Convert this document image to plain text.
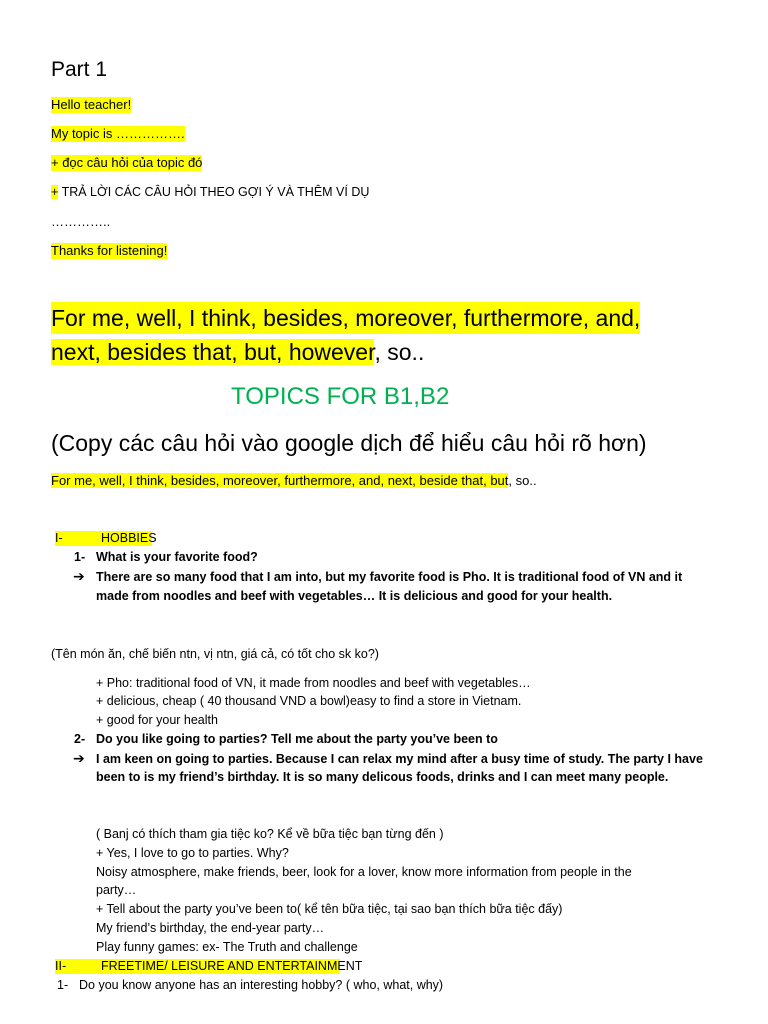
Part 1
Hello teacher!
My topic is …………….
+ đọc câu hỏi của topic đó
+ TRẢ LỜI CÁC CÂU HỎI THEO GỢI Ý VÀ THÊM VÍ DỤ
…………..
Thanks for listening!
For me, well, I think, besides, moreover, furthermore, and,
next, besides that, but, however, so..
TOPICS FOR B1,B2
(Copy các câu hỏi vào google dịch để hiểu câu hỏi rõ hơn)
For me, well, I think, besides, moreover, furthermore, and, next, beside that, but, so..
I-	HOBBIES
1- What is your favorite food?
➔ There are so many food that I am into, but my favorite food is Pho. It is traditional food of VN and it
made from noodles and beef with vegetables… It is delicious and good for your health.
(Tên món ăn, chế biến ntn, vị ntn, giá cả, có tốt cho sk ko?)
+ Pho: traditional food of VN, it made from noodles and beef with vegetables…
+ delicious, cheap ( 40 thousand VND a bowl)easy to find a store in Vietnam.
+ good for your health
2- Do you like going to parties? Tell me about the party you’ve been to
➔ I am keen on going to parties. Because I can relax my mind after a busy time of study. The party I have
been to is my friend’s birthday. It is so many delicous foods, drinks and I can meet many people.
( Banj có thích tham gia tiệc ko? Kể về bữa tiệc bạn từng đến )
+ Yes, I love to go to parties. Why?
Noisy atmosphere, make friends, beer, look for a lover, know more information from people in the
party…
+ Tell about the party you’ve been to( kể tên bữa tiệc, tại sao bạn thích bữa tiệc đấy)
My friend’s birthday, the end-year party…
Play funny games: ex- The Truth and challenge
II-	FREETIME/ LEISURE AND ENTERTAINMENT
1- Do you know anyone has an interesting hobby? ( who, what, why)
